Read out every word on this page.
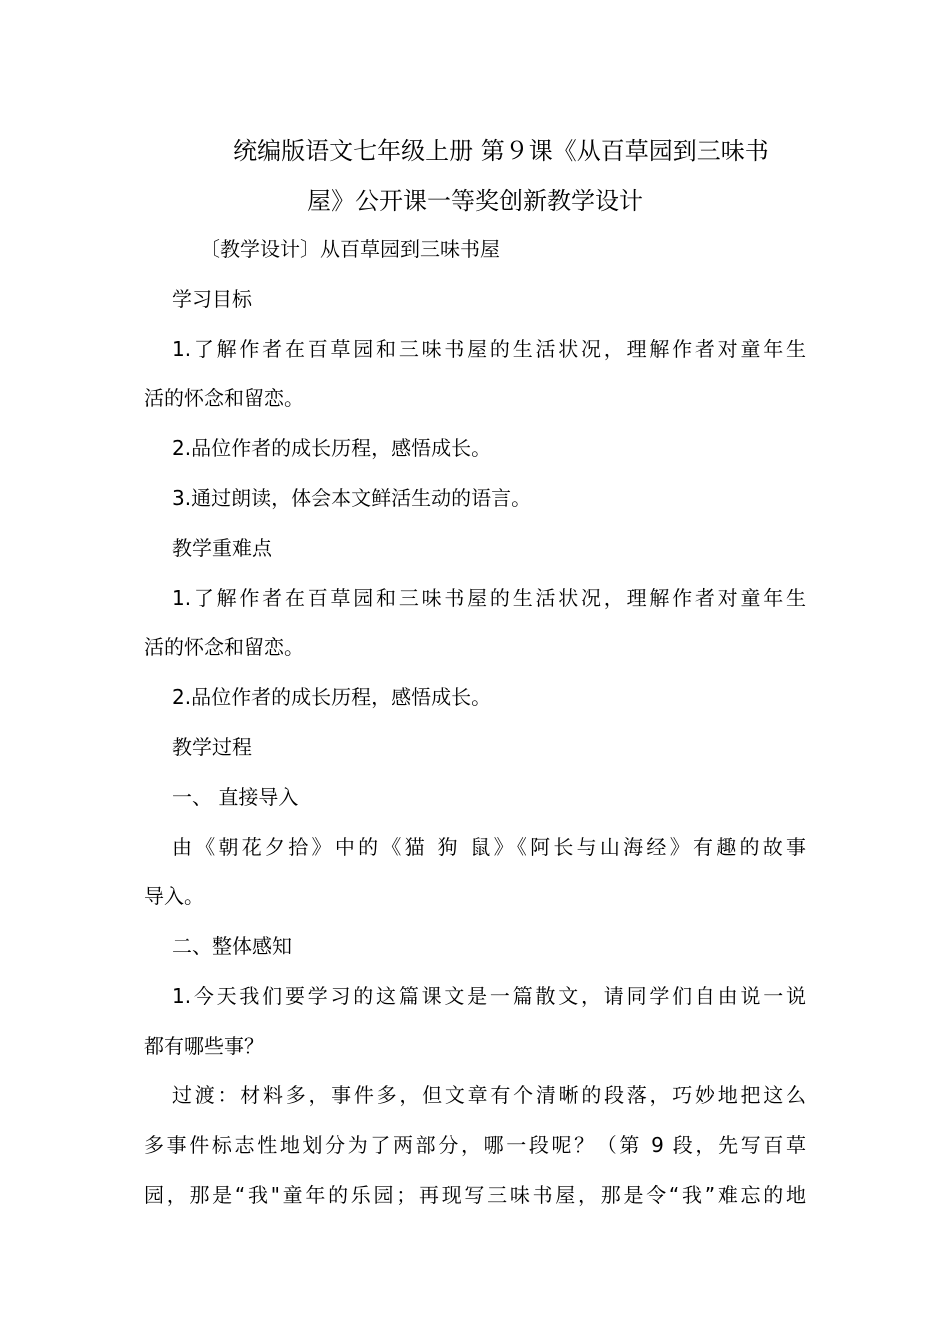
统编版语文七年级上册 第９课《从百草园到三味书
屋》公开课一等奖创新教学设计

〔教学设计〕从百草园到三味书屋

学习目标

1.了解作者在百草园和三味书屋的生活状况，理解作者对童年生

活的怀念和留恋。

2.品位作者的成长历程，感悟成长。

3.通过朗读，体会本文鲜活生动的语言。

教学重难点

1.了解作者在百草园和三味书屋的生活状况，理解作者对童年生

活的怀念和留恋。

2.品位作者的成长历程，感悟成长。

教学过程

一、 直接导入

由《朝花夕拾》中的《猫 狗 鼠》《阿长与山海经》有趣的故事

导入。

二、整体感知

1.今天我们要学习的这篇课文是一篇散文，请同学们自由说一说

都有哪些事？

过渡：材料多，事件多，但文章有个清晰的段落，巧妙地把这么

多事件标志性地划分为了两部分，哪一段呢？（第 9 段，先写百草

园，那是“我"童年的乐园；再现写三味书屋，那是令“我”难忘的地
